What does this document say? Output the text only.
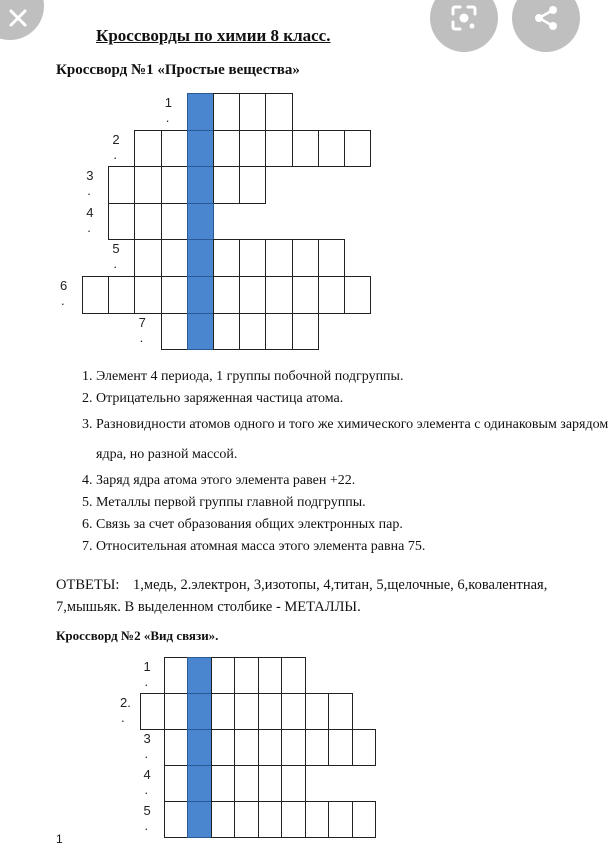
Кроссворды по химии 8 класс.
Кроссворд №1 «Простые вещества»
1
.
2
.
3
.
4
.
5
.
6
.
7
.
1. Элемент 4 периода, 1 группы побочной подгруппы.
2. Отрицательно заряженная частица атома.
3. Разновидности атомов одного и того же химического элемента с одинаковым зарядом ядра, но разной массой.
4. Заряд ядра атома этого элемента равен +22.
5. Металлы первой группы главной подгруппы.
6. Связь за счет образования общих электронных пар.
7. Относительная атомная масса этого элемента равна 75.
ОТВЕТЫ: 1,медь, 2.электрон, 3,изотопы, 4,титан, 5,щелочные, 6,ковалентная, 7,мышьяк. В выделенном столбике - МЕТАЛЛЫ.
Кроссворд №2 «Вид связи».
1
.
2.
.
3
.
4
.
5
.
1
